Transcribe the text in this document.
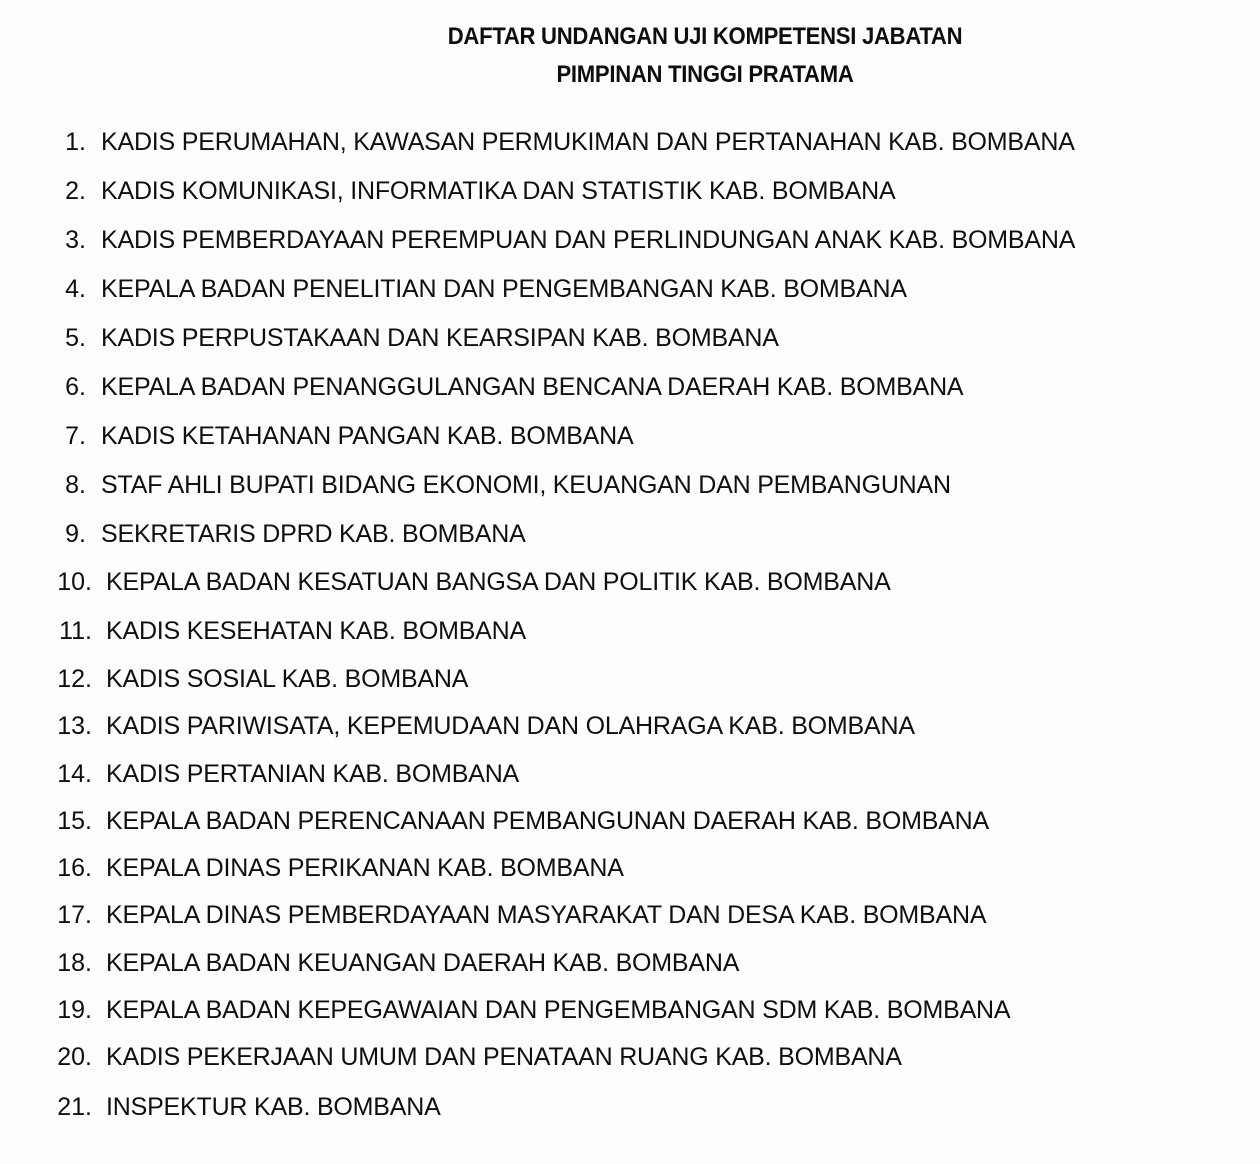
DAFTAR UNDANGAN UJI KOMPETENSI JABATAN
PIMPINAN TINGGI PRATAMA
1. KADIS PERUMAHAN, KAWASAN PERMUKIMAN DAN PERTANAHAN KAB. BOMBANA
2. KADIS KOMUNIKASI, INFORMATIKA DAN STATISTIK KAB. BOMBANA
3. KADIS PEMBERDAYAAN PEREMPUAN DAN PERLINDUNGAN ANAK KAB. BOMBANA
4. KEPALA BADAN PENELITIAN DAN PENGEMBANGAN KAB. BOMBANA
5. KADIS PERPUSTAKAAN DAN KEARSIPAN KAB. BOMBANA
6. KEPALA BADAN PENANGGULANGAN BENCANA DAERAH KAB. BOMBANA
7. KADIS KETAHANAN PANGAN KAB. BOMBANA
8. STAF AHLI BUPATI BIDANG EKONOMI, KEUANGAN DAN PEMBANGUNAN
9. SEKRETARIS DPRD KAB. BOMBANA
10. KEPALA BADAN KESATUAN BANGSA DAN POLITIK KAB. BOMBANA
11. KADIS KESEHATAN KAB. BOMBANA
12. KADIS SOSIAL KAB. BOMBANA
13. KADIS PARIWISATA, KEPEMUDAAN DAN OLAHRAGA KAB. BOMBANA
14. KADIS PERTANIAN KAB. BOMBANA
15. KEPALA BADAN PERENCANAAN PEMBANGUNAN DAERAH KAB. BOMBANA
16. KEPALA DINAS PERIKANAN KAB. BOMBANA
17. KEPALA DINAS PEMBERDAYAAN MASYARAKAT DAN DESA KAB. BOMBANA
18. KEPALA BADAN KEUANGAN DAERAH KAB. BOMBANA
19. KEPALA BADAN KEPEGAWAIAN DAN PENGEMBANGAN SDM KAB. BOMBANA
20. KADIS PEKERJAAN UMUM DAN PENATAAN RUANG KAB. BOMBANA
21. INSPEKTUR KAB. BOMBANA
